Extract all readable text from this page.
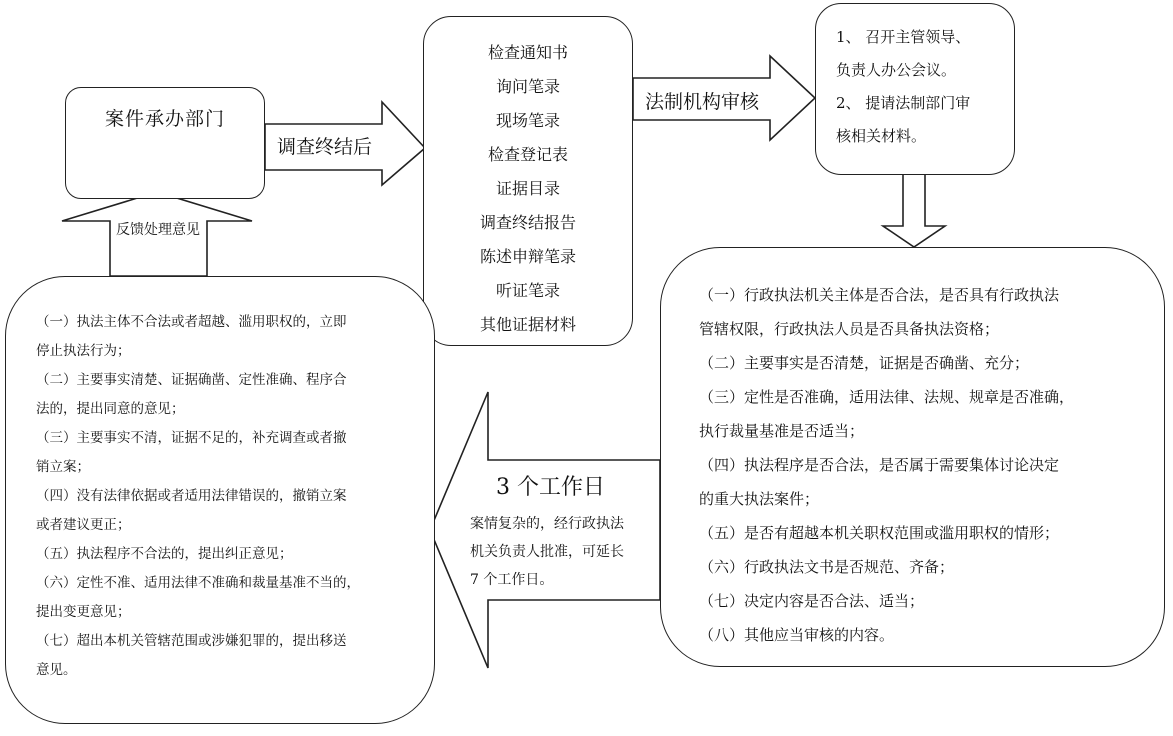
调查终结后
法制机构审核
反馈处理意见
3 个工作日
案情复杂的，经行政执法
机关负责人批准，可延长
7 个工作日。
案件承办部门
检查通知书
询问笔录
现场笔录
检查登记表
证据目录
调查终结报告
陈述申辩笔录
听证笔录
其他证据材料
1、 召开主管领导、
负责人办公会议。
2、 提请法制部门审
核相关材料。
（一）行政执法机关主体是否合法，是否具有行政执法
管辖权限，行政执法人员是否具备执法资格；
（二）主要事实是否清楚，证据是否确凿、充分；
（三）定性是否准确，适用法律、法规、规章是否准确，
执行裁量基准是否适当；
（四）执法程序是否合法，是否属于需要集体讨论决定
的重大执法案件；
（五）是否有超越本机关职权范围或滥用职权的情形；
（六）行政执法文书是否规范、齐备；
（七）决定内容是否合法、适当；
（八）其他应当审核的内容。
（一）执法主体不合法或者超越、滥用职权的，立即
停止执法行为；
（二）主要事实清楚、证据确凿、定性准确、程序合
法的，提出同意的意见；
（三）主要事实不清，证据不足的，补充调查或者撤
销立案；
（四）没有法律依据或者适用法律错误的，撤销立案
或者建议更正；
（五）执法程序不合法的，提出纠正意见；
（六）定性不准、适用法律不准确和裁量基准不当的，
提出变更意见；
（七）超出本机关管辖范围或涉嫌犯罪的，提出移送
意见。
